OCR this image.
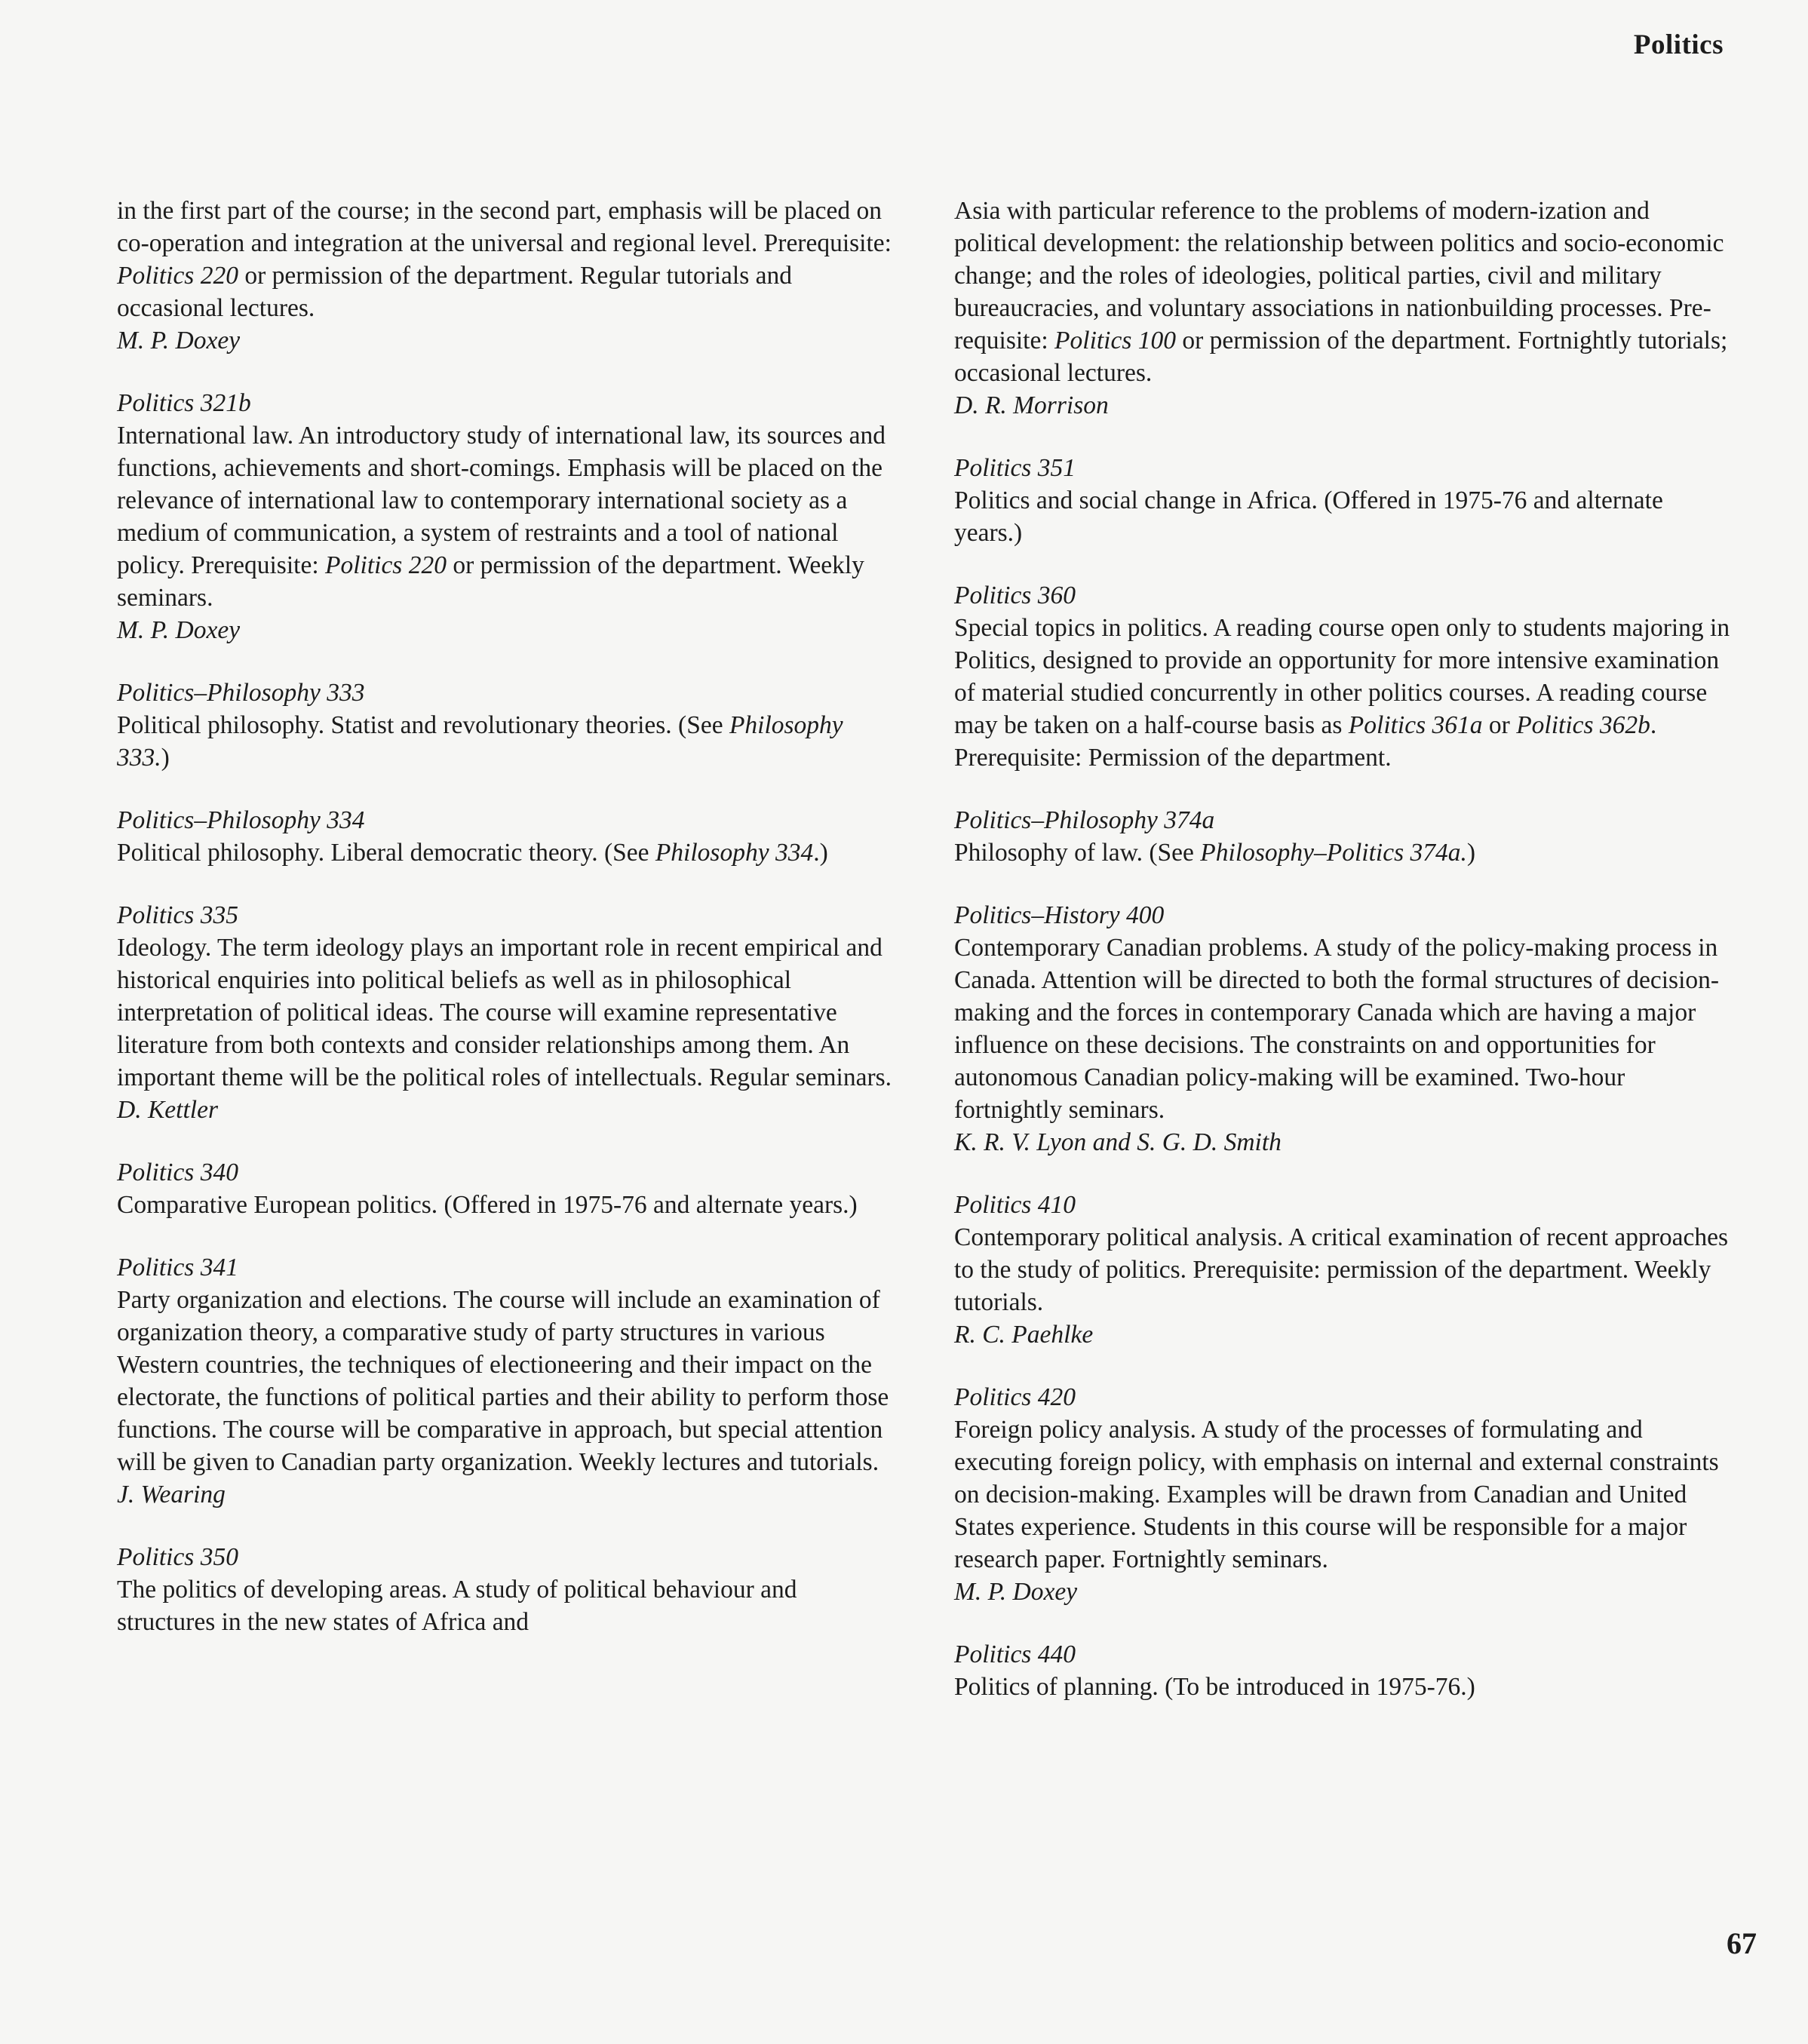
Politics
in the first part of the course; in the second part, emphasis will be placed on co-operation and integration at the universal and regional level. Prerequisite: Politics 220 or permission of the department. Regular tutorials and occasional lectures.
M. P. Doxey
Politics 321b
International law. An introductory study of international law, its sources and functions, achievements and short-comings. Emphasis will be placed on the relevance of international law to contemporary international society as a medium of communication, a system of restraints and a tool of national policy. Prerequisite: Politics 220 or permission of the department. Weekly seminars.
M. P. Doxey
Politics–Philosophy 333
Political philosophy. Statist and revolutionary theories. (See Philosophy 333.)
Politics–Philosophy 334
Political philosophy. Liberal democratic theory. (See Philosophy 334.)
Politics 335
Ideology. The term ideology plays an important role in recent empirical and historical enquiries into political beliefs as well as in philosophical interpretation of political ideas. The course will examine representative literature from both contexts and consider relationships among them. An important theme will be the political roles of intellectuals. Regular seminars.
D. Kettler
Politics 340
Comparative European politics. (Offered in 1975-76 and alternate years.)
Politics 341
Party organization and elections. The course will include an examination of organization theory, a comparative study of party structures in various Western countries, the techniques of electioneering and their impact on the electorate, the functions of political parties and their ability to perform those functions. The course will be comparative in approach, but special attention will be given to Canadian party organization. Weekly lectures and tutorials.
J. Wearing
Politics 350
The politics of developing areas. A study of political behaviour and structures in the new states of Africa and
Asia with particular reference to the problems of modern-ization and political development: the relationship between politics and socio-economic change; and the roles of ideologies, political parties, civil and military bureaucracies, and voluntary associations in nationbuilding processes. Pre-requisite: Politics 100 or permission of the department. Fortnightly tutorials; occasional lectures.
D. R. Morrison
Politics 351
Politics and social change in Africa. (Offered in 1975-76 and alternate years.)
Politics 360
Special topics in politics. A reading course open only to students majoring in Politics, designed to provide an opportunity for more intensive examination of material studied concurrently in other politics courses. A reading course may be taken on a half-course basis as Politics 361a or Politics 362b. Prerequisite: Permission of the department.
Politics–Philosophy 374a
Philosophy of law. (See Philosophy–Politics 374a.)
Politics–History 400
Contemporary Canadian problems. A study of the policy-making process in Canada. Attention will be directed to both the formal structures of decision-making and the forces in contemporary Canada which are having a major influence on these decisions. The constraints on and opportunities for autonomous Canadian policy-making will be examined. Two-hour fortnightly seminars.
K. R. V. Lyon and S. G. D. Smith
Politics 410
Contemporary political analysis. A critical examination of recent approaches to the study of politics. Prerequisite: permission of the department. Weekly tutorials.
R. C. Paehlke
Politics 420
Foreign policy analysis. A study of the processes of formulating and executing foreign policy, with emphasis on internal and external constraints on decision-making. Examples will be drawn from Canadian and United States experience. Students in this course will be responsible for a major research paper. Fortnightly seminars.
M. P. Doxey
Politics 440
Politics of planning. (To be introduced in 1975-76.)
67
